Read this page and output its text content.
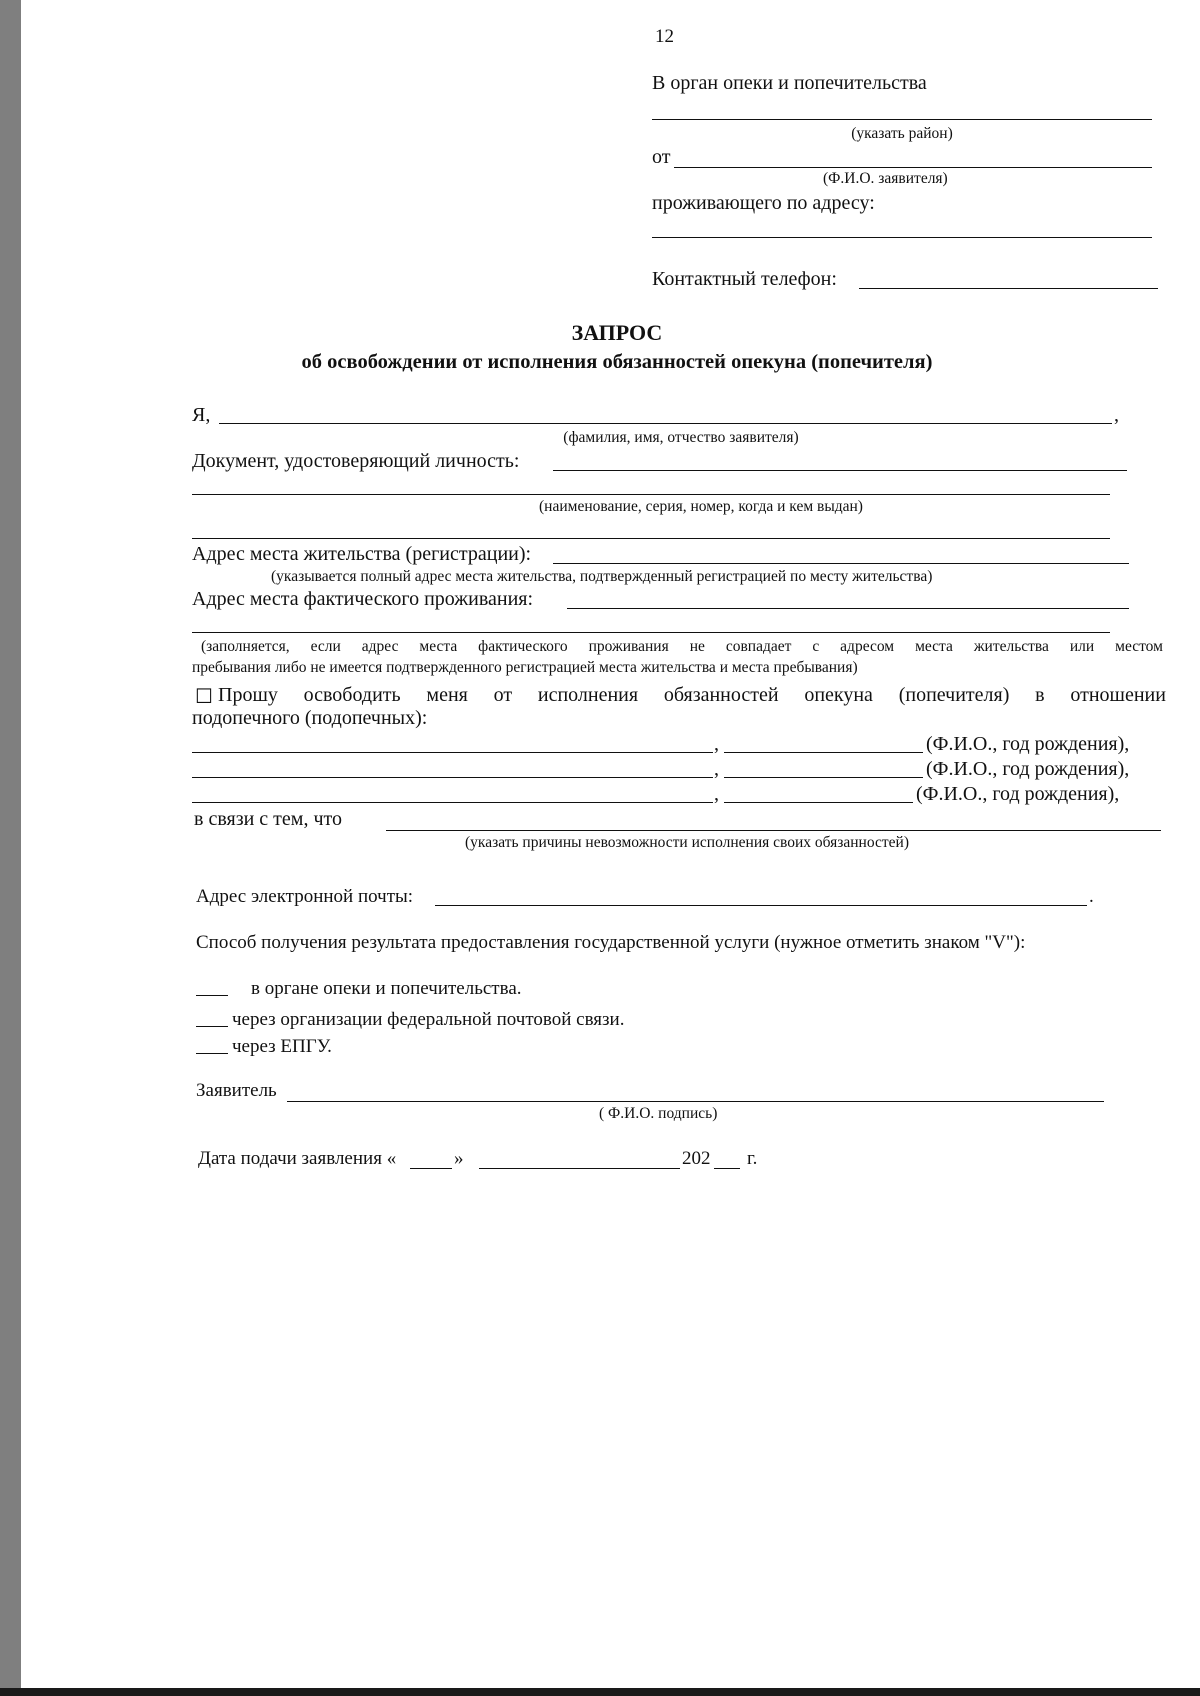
12
В орган опеки и попечительства
(указать район)
от
(Ф.И.О. заявителя)
проживающего по адресу:
Контактный телефон:
ЗАПРОС
об освобождении от исполнения обязанностей опекуна (попечителя)
Я,	,
(фамилия, имя, отчество заявителя)
Документ, удостоверяющий личность:
(наименование, серия, номер, когда и кем выдан)
Адрес места жительства (регистрации):
(указывается полный адрес места жительства, подтвержденный регистрацией по месту жительства)
Адрес места фактического проживания:
(заполняется, если адрес места фактического проживания не совпадает с адресом места жительства или местом
пребывания либо не имеется подтвержденного регистрацией места жительства и места пребывания)
☐ Прошу освободить меня от исполнения обязанностей опекуна (попечителя) в отношении
подопечного (подопечных):
,	(Ф.И.О., год рождения),
,	(Ф.И.О., год рождения),
,	(Ф.И.О., год рождения),
в связи с тем, что
(указать причины невозможности исполнения своих обязанностей)
Адрес электронной почты:	.
Способ получения результата предоставления государственной услуги (нужное отметить знаком "V"):
в органе опеки и попечительства.
через организации федеральной почтовой связи.
через ЕПГУ.
Заявитель
( Ф.И.О. подпись)
Дата подачи заявления «	»	202 г.
